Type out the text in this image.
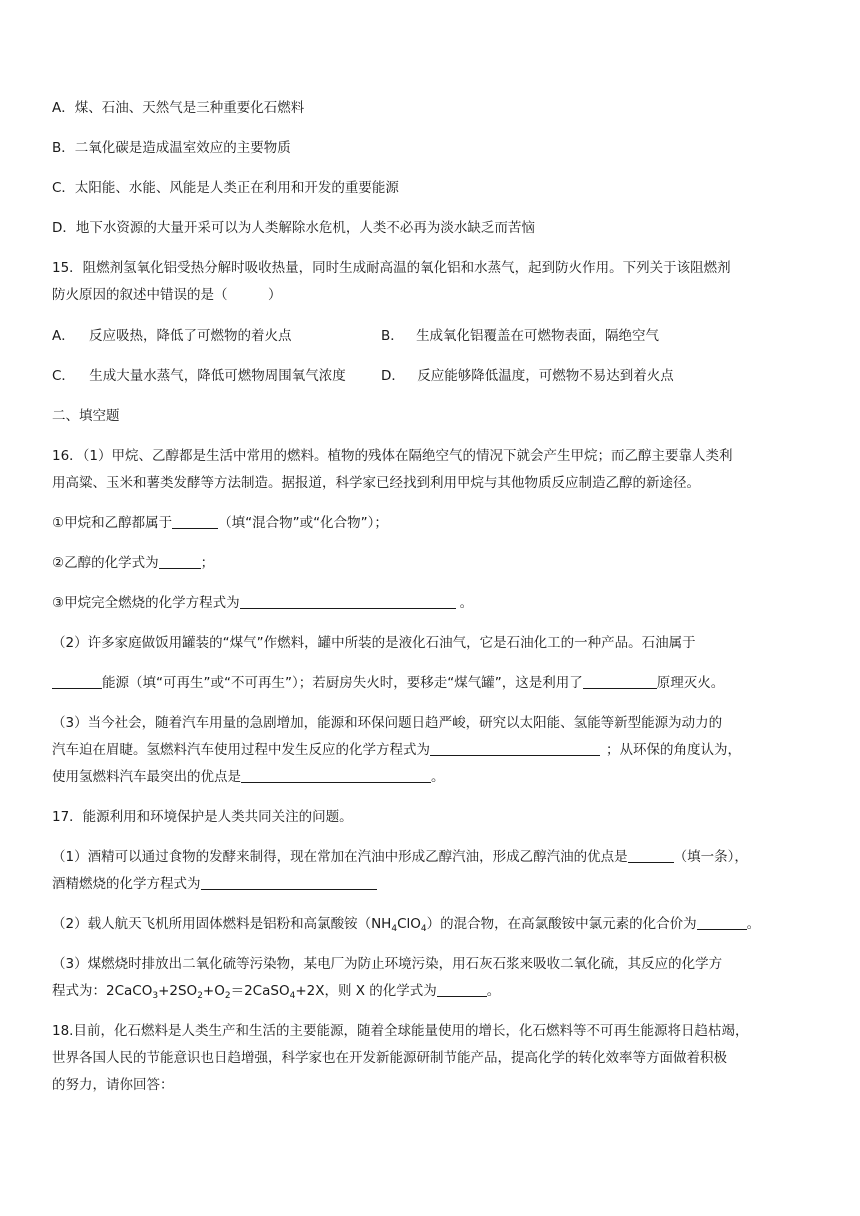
A．煤、石油、天然气是三种重要化石燃料
B．二氧化碳是造成温室效应的主要物质
C．太阳能、水能、风能是人类正在利用和开发的重要能源
D．地下水资源的大量开采可以为人类解除水危机，人类不必再为淡水缺乏而苦恼
15．阻燃剂氢氧化铝受热分解时吸收热量，同时生成耐高温的氧化铝和水蒸气，起到防火作用。下列关于该阻燃剂
防火原因的叙述中错误的是（　　　）
A． 反应吸热，降低了可燃物的着火点	B． 生成氧化铝覆盖在可燃物表面，隔绝空气
C． 生成大量水蒸气，降低可燃物周围氧气浓度	D． 反应能够降低温度，可燃物不易达到着火点
二、填空题
16．（1）甲烷、乙醇都是生活中常用的燃料。植物的残体在隔绝空气的情况下就会产生甲烷；而乙醇主要靠人类利
用高粱、玉米和薯类发酵等方法制造。据报道，科学家已经找到利用甲烷与其他物质反应制造乙醇的新途径。
①甲烷和乙醇都属于	（填“混合物”或“化合物”）；
②乙醇的化学式为	；
③甲烷完全燃烧的化学方程式为	。
（2）许多家庭做饭用罐装的“煤气”作燃料，罐中所装的是液化石油气，它是石油化工的一种产品。石油属于
能源（填“可再生”或“不可再生”）；若厨房失火时，要移走“煤气罐”，这是利用了	原理灭火。
（3）当今社会，随着汽车用量的急剧增加，能源和环保问题日趋严峻，研究以太阳能、氢能等新型能源为动力的
汽车迫在眉睫。氢燃料汽车使用过程中发生反应的化学方程式为	；从环保的角度认为，
使用氢燃料汽车最突出的优点是	。
17．能源利用和环境保护是人类共同关注的问题。
（1）酒精可以通过食物的发酵来制得，现在常加在汽油中形成乙醇汽油，形成乙醇汽油的优点是	（填一条），
酒精燃烧的化学方程式为
（2）载人航天飞机所用固体燃料是铝粉和高氯酸铵$(NH_4ClO_4)$的混合物，在高氯酸铵中氯元素的化合价为	。
（3）煤燃烧时排放出二氧化硫等污染物，某电厂为防止环境污染，用石灰石浆来吸收二氧化硫，其反应的化学方
程式为：$2CaCO_3+2SO_2+O_2=2CaSO_4+2X$，则 X 的化学式为	。
18.目前，化石燃料是人类生产和生活的主要能源，随着全球能量使用的增长，化石燃料等不可再生能源将日趋枯竭，
世界各国人民的节能意识也日趋增强，科学家也在开发新能源研制节能产品，提高化学的转化效率等方面做着积极
的努力，请你回答：
